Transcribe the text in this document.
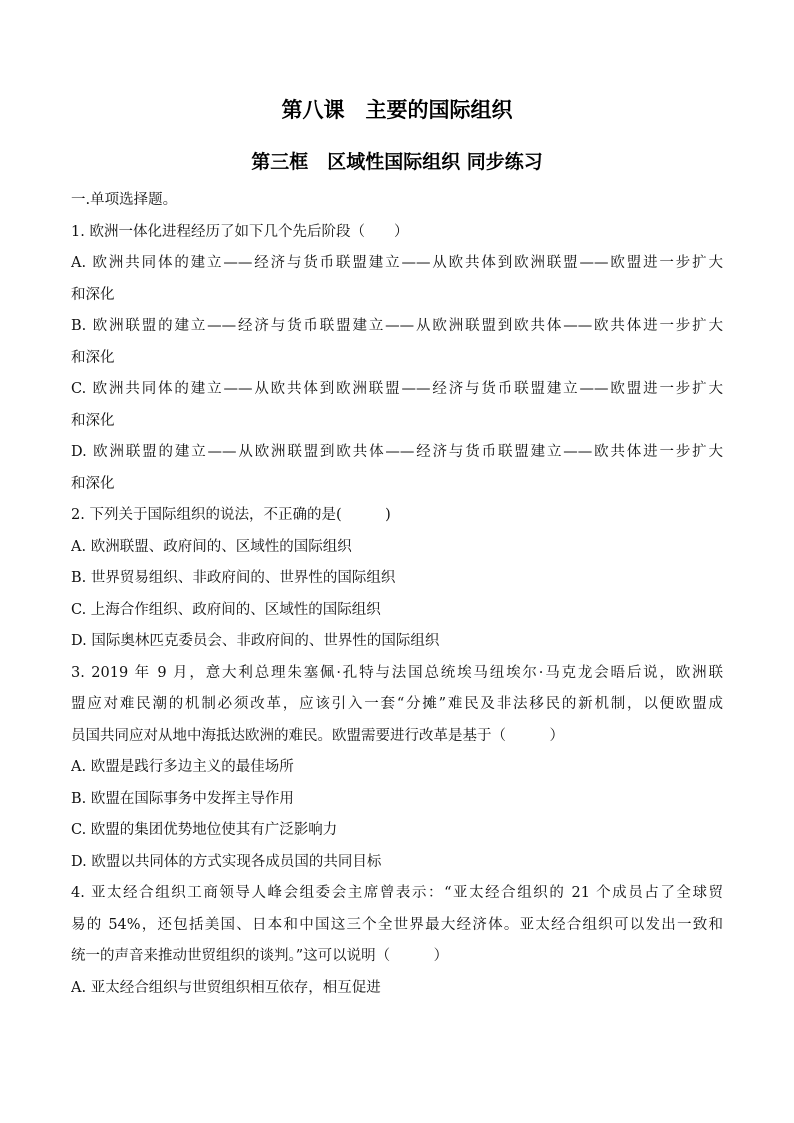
第八课　主要的国际组织
第三框　区域性国际组织 同步练习
一.单项选择题。
1. 欧洲一体化进程经历了如下几个先后阶段（　　）
A. 欧洲共同体的建立——经济与货币联盟建立——从欧共体到欧洲联盟——欧盟进一步扩大
和深化
B. 欧洲联盟的建立——经济与货币联盟建立——从欧洲联盟到欧共体——欧共体进一步扩大
和深化
C. 欧洲共同体的建立——从欧共体到欧洲联盟——经济与货币联盟建立——欧盟进一步扩大
和深化
D. 欧洲联盟的建立——从欧洲联盟到欧共体——经济与货币联盟建立——欧共体进一步扩大
和深化
2. 下列关于国际组织的说法，不正确的是(　　　)
A. 欧洲联盟、政府间的、区域性的国际组织
B. 世界贸易组织、非政府间的、世界性的国际组织
C. 上海合作组织、政府间的、区域性的国际组织
D. 国际奥林匹克委员会、非政府间的、世界性的国际组织
3. 2019 年 9 月，意大利总理朱塞佩·孔特与法国总统埃马纽埃尔·马克龙会晤后说，欧洲联
盟应对难民潮的机制必须改革，应该引入一套“分摊”难民及非法移民的新机制，以便欧盟成
员国共同应对从地中海抵达欧洲的难民。欧盟需要进行改革是基于（　　　）
A. 欧盟是践行多边主义的最佳场所
B. 欧盟在国际事务中发挥主导作用
C. 欧盟的集团优势地位使其有广泛影响力
D. 欧盟以共同体的方式实现各成员国的共同目标
4. 亚太经合组织工商领导人峰会组委会主席曾表示：“亚太经合组织的 21 个成员占了全球贸
易的 54%，还包括美国、日本和中国这三个全世界最大经济体。亚太经合组织可以发出一致和
统一的声音来推动世贸组织的谈判。”这可以说明（　　　）
A. 亚太经合组织与世贸组织相互依存，相互促进
